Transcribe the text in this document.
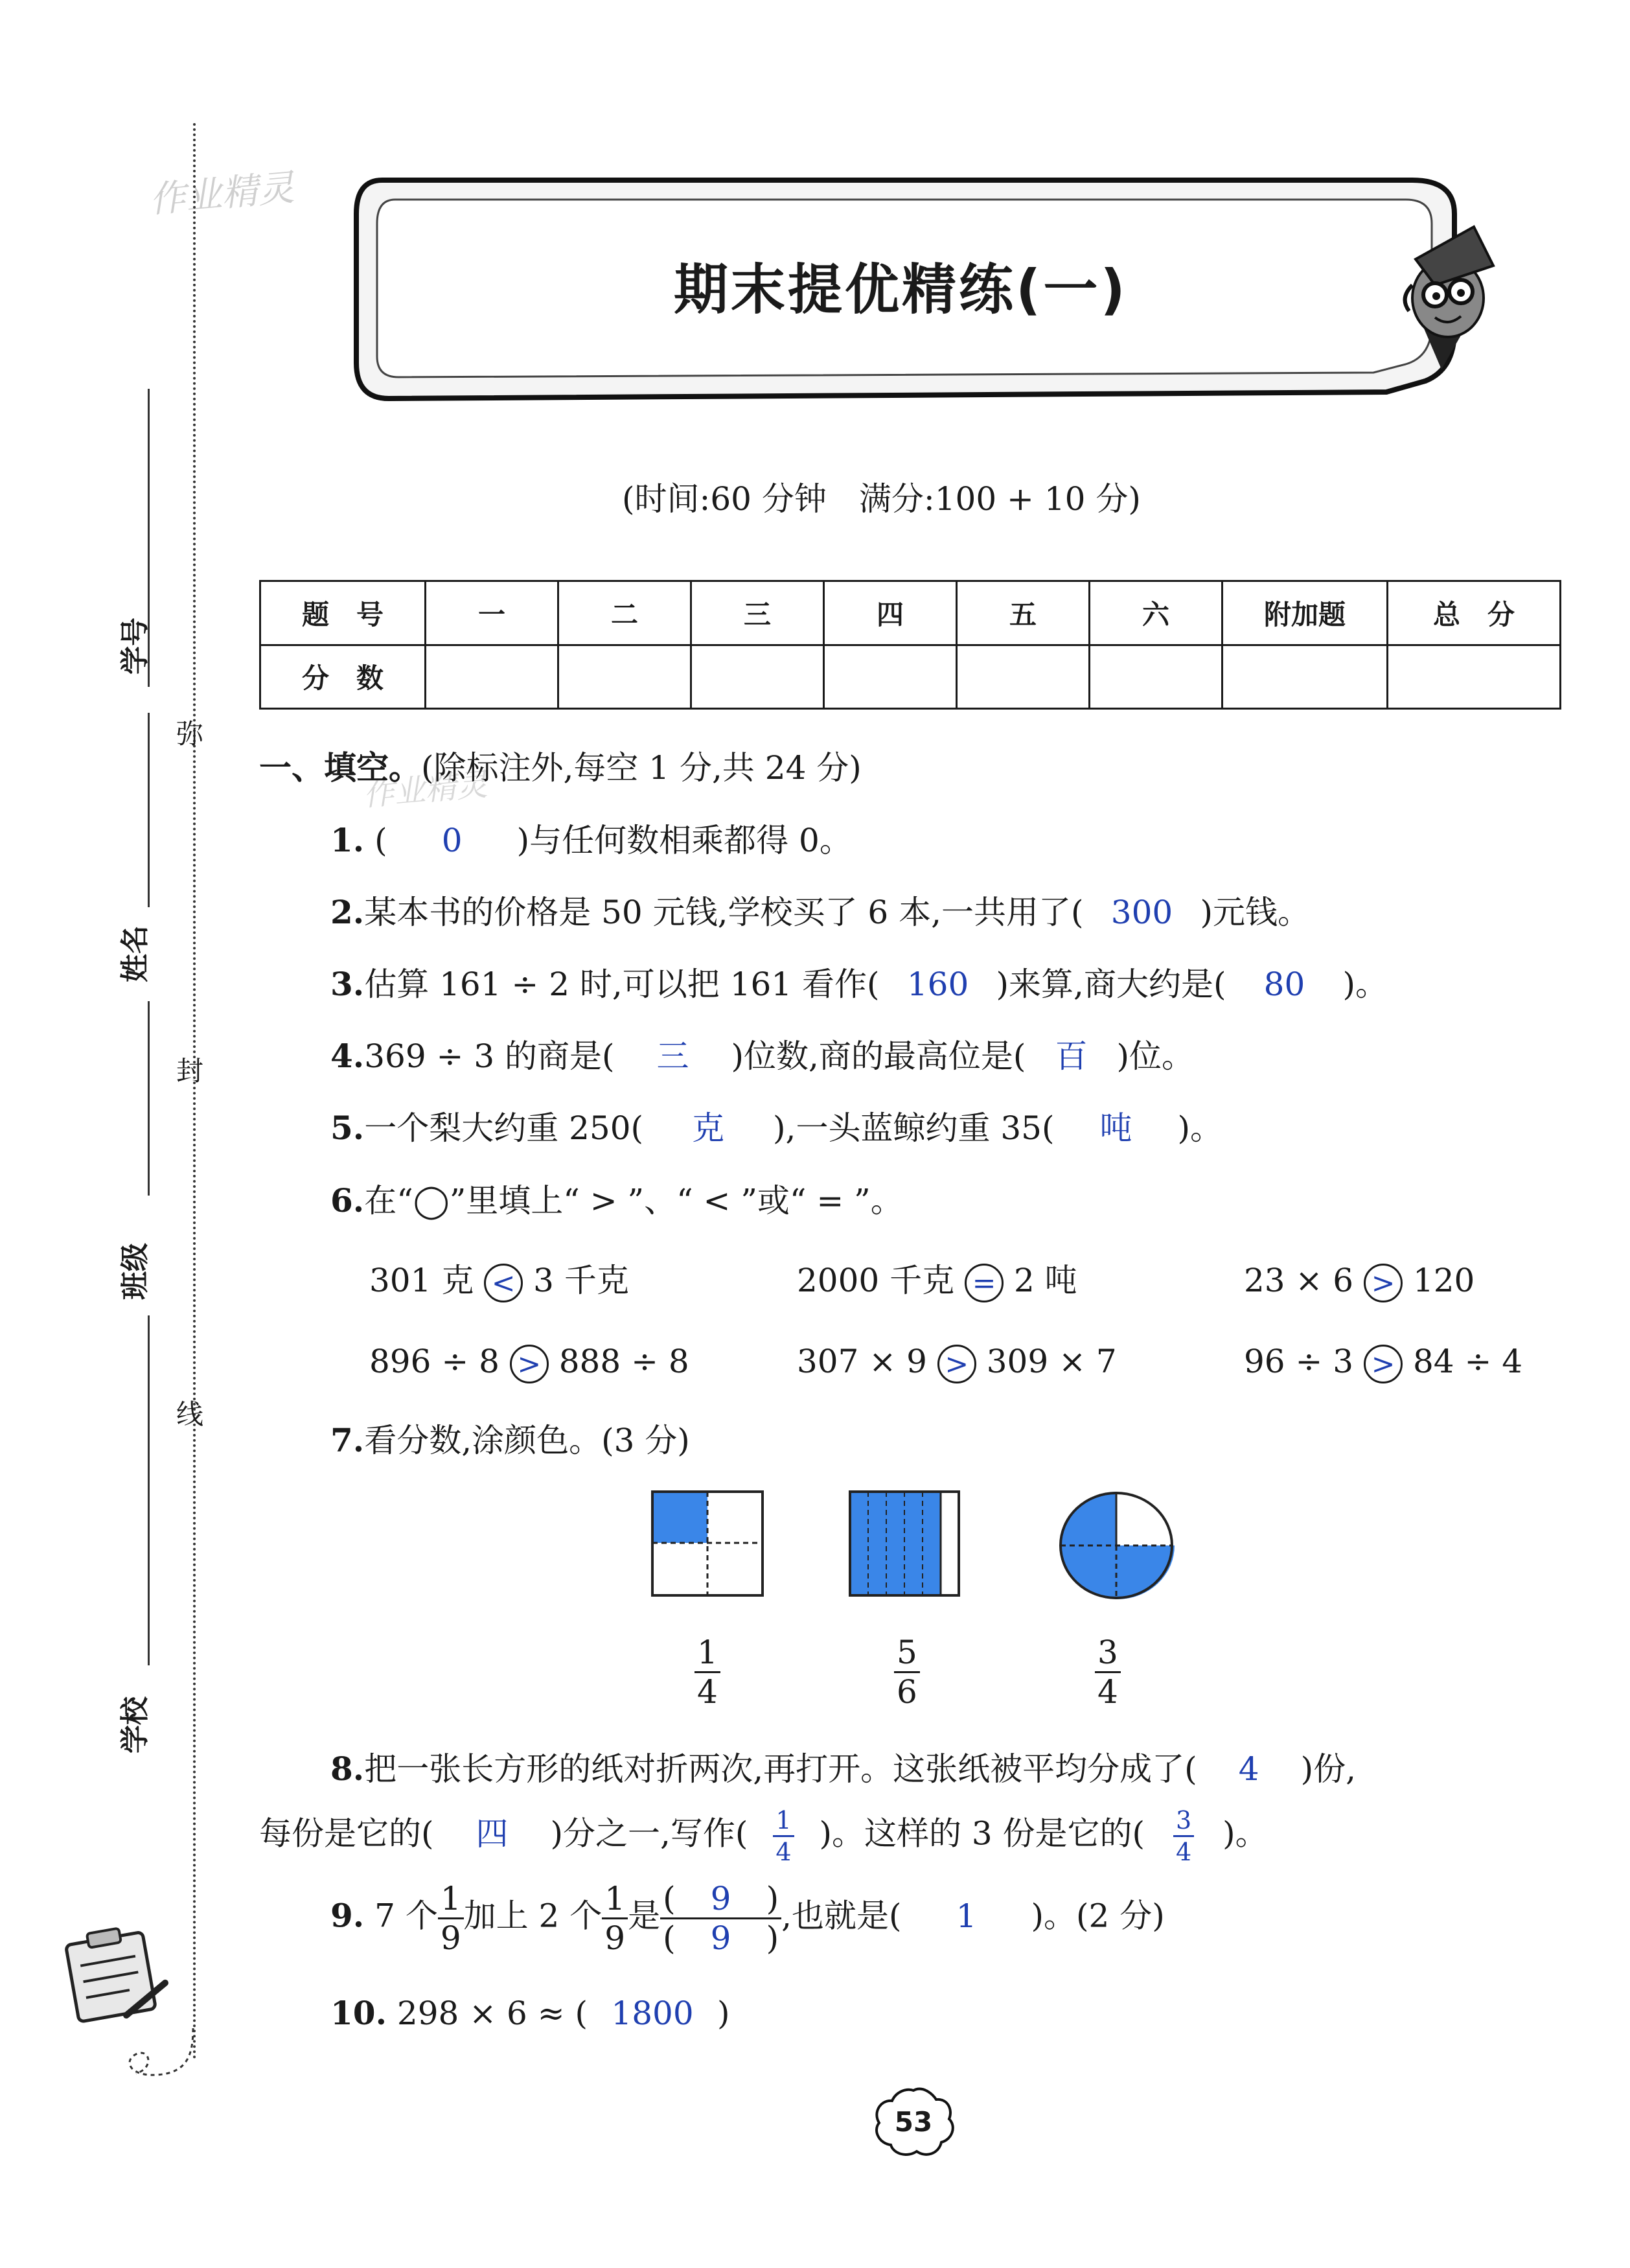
作业精灵
作业精灵
学号
姓名
班级
学校
弥
封
线
期末提优精练(一)
(时间:60 分钟　满分:100 + 10 分)
题　号	一	二	三	四	五	六	附加题	总　分
分　数								
一、填空。(除标注外,每空 1 分,共 24 分)
1. ( 0 )与任何数相乘都得 0。
2.某本书的价格是 50 元钱,学校买了 6 本,一共用了( 300 )元钱。
3.估算 161 ÷ 2 时,可以把 161 看作( 160 )来算,商大约是( 80 )。
4.369 ÷ 3 的商是( 三 )位数,商的最高位是( 百 )位。
5.一个梨大约重 250( 克 ),一头蓝鲸约重 35( 吨 )。
6.在“◯”里填上“ > ”、“ < ”或“ = ”。
301 克 < 3 千克	2000 千克 = 2 吨	23 × 6 > 120
896 ÷ 8 > 888 ÷ 8	307 × 9 > 309 × 7	96 ÷ 3 > 84 ÷ 4
7.看分数,涂颜色。(3 分)
$\frac{1}{4}$	$\frac{5}{6}$	$\frac{3}{4}$
8.把一张长方形的纸对折两次,再打开。这张纸被平均分成了( 4 )份,
每份是它的( 四 )分之一,写作( $\frac{1}{4}$ )。这样的 3 份是它的( $\frac{3}{4}$ )。
9. 7 个 $\frac{1}{9}$ 加上 2 个 $\frac{1}{9}$ 是 $\frac{( 9 )}{( 9 )}$ ,也就是( 1 )。(2 分)
10. 298 × 6 ≈ ( 1800 )
53
